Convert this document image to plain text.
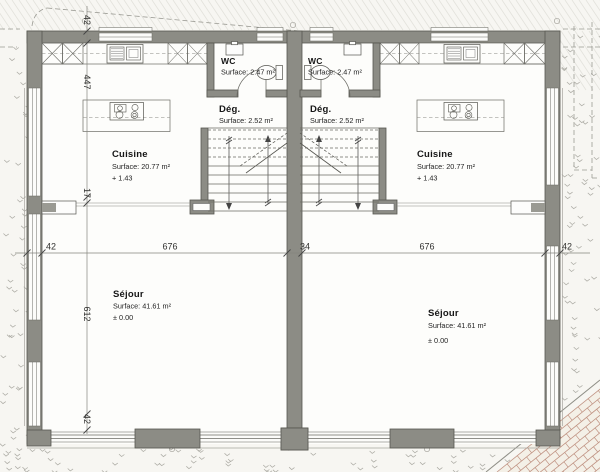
WC
Surface: 2.47 m²
WC
Surface: 2.47 m²
Dég.
Surface: 2.52 m²
Dég.
Surface: 2.52 m²
Cuisine
Surface: 20.77 m²
+ 1.43
Cuisine
Surface: 20.77 m²
+ 1.43
Séjour
Surface: 41.61 m²
± 0.00	Séjour
Surface: 41.61 m²
± 0.00
42	676	34	676	42
42
447
17
612
42
